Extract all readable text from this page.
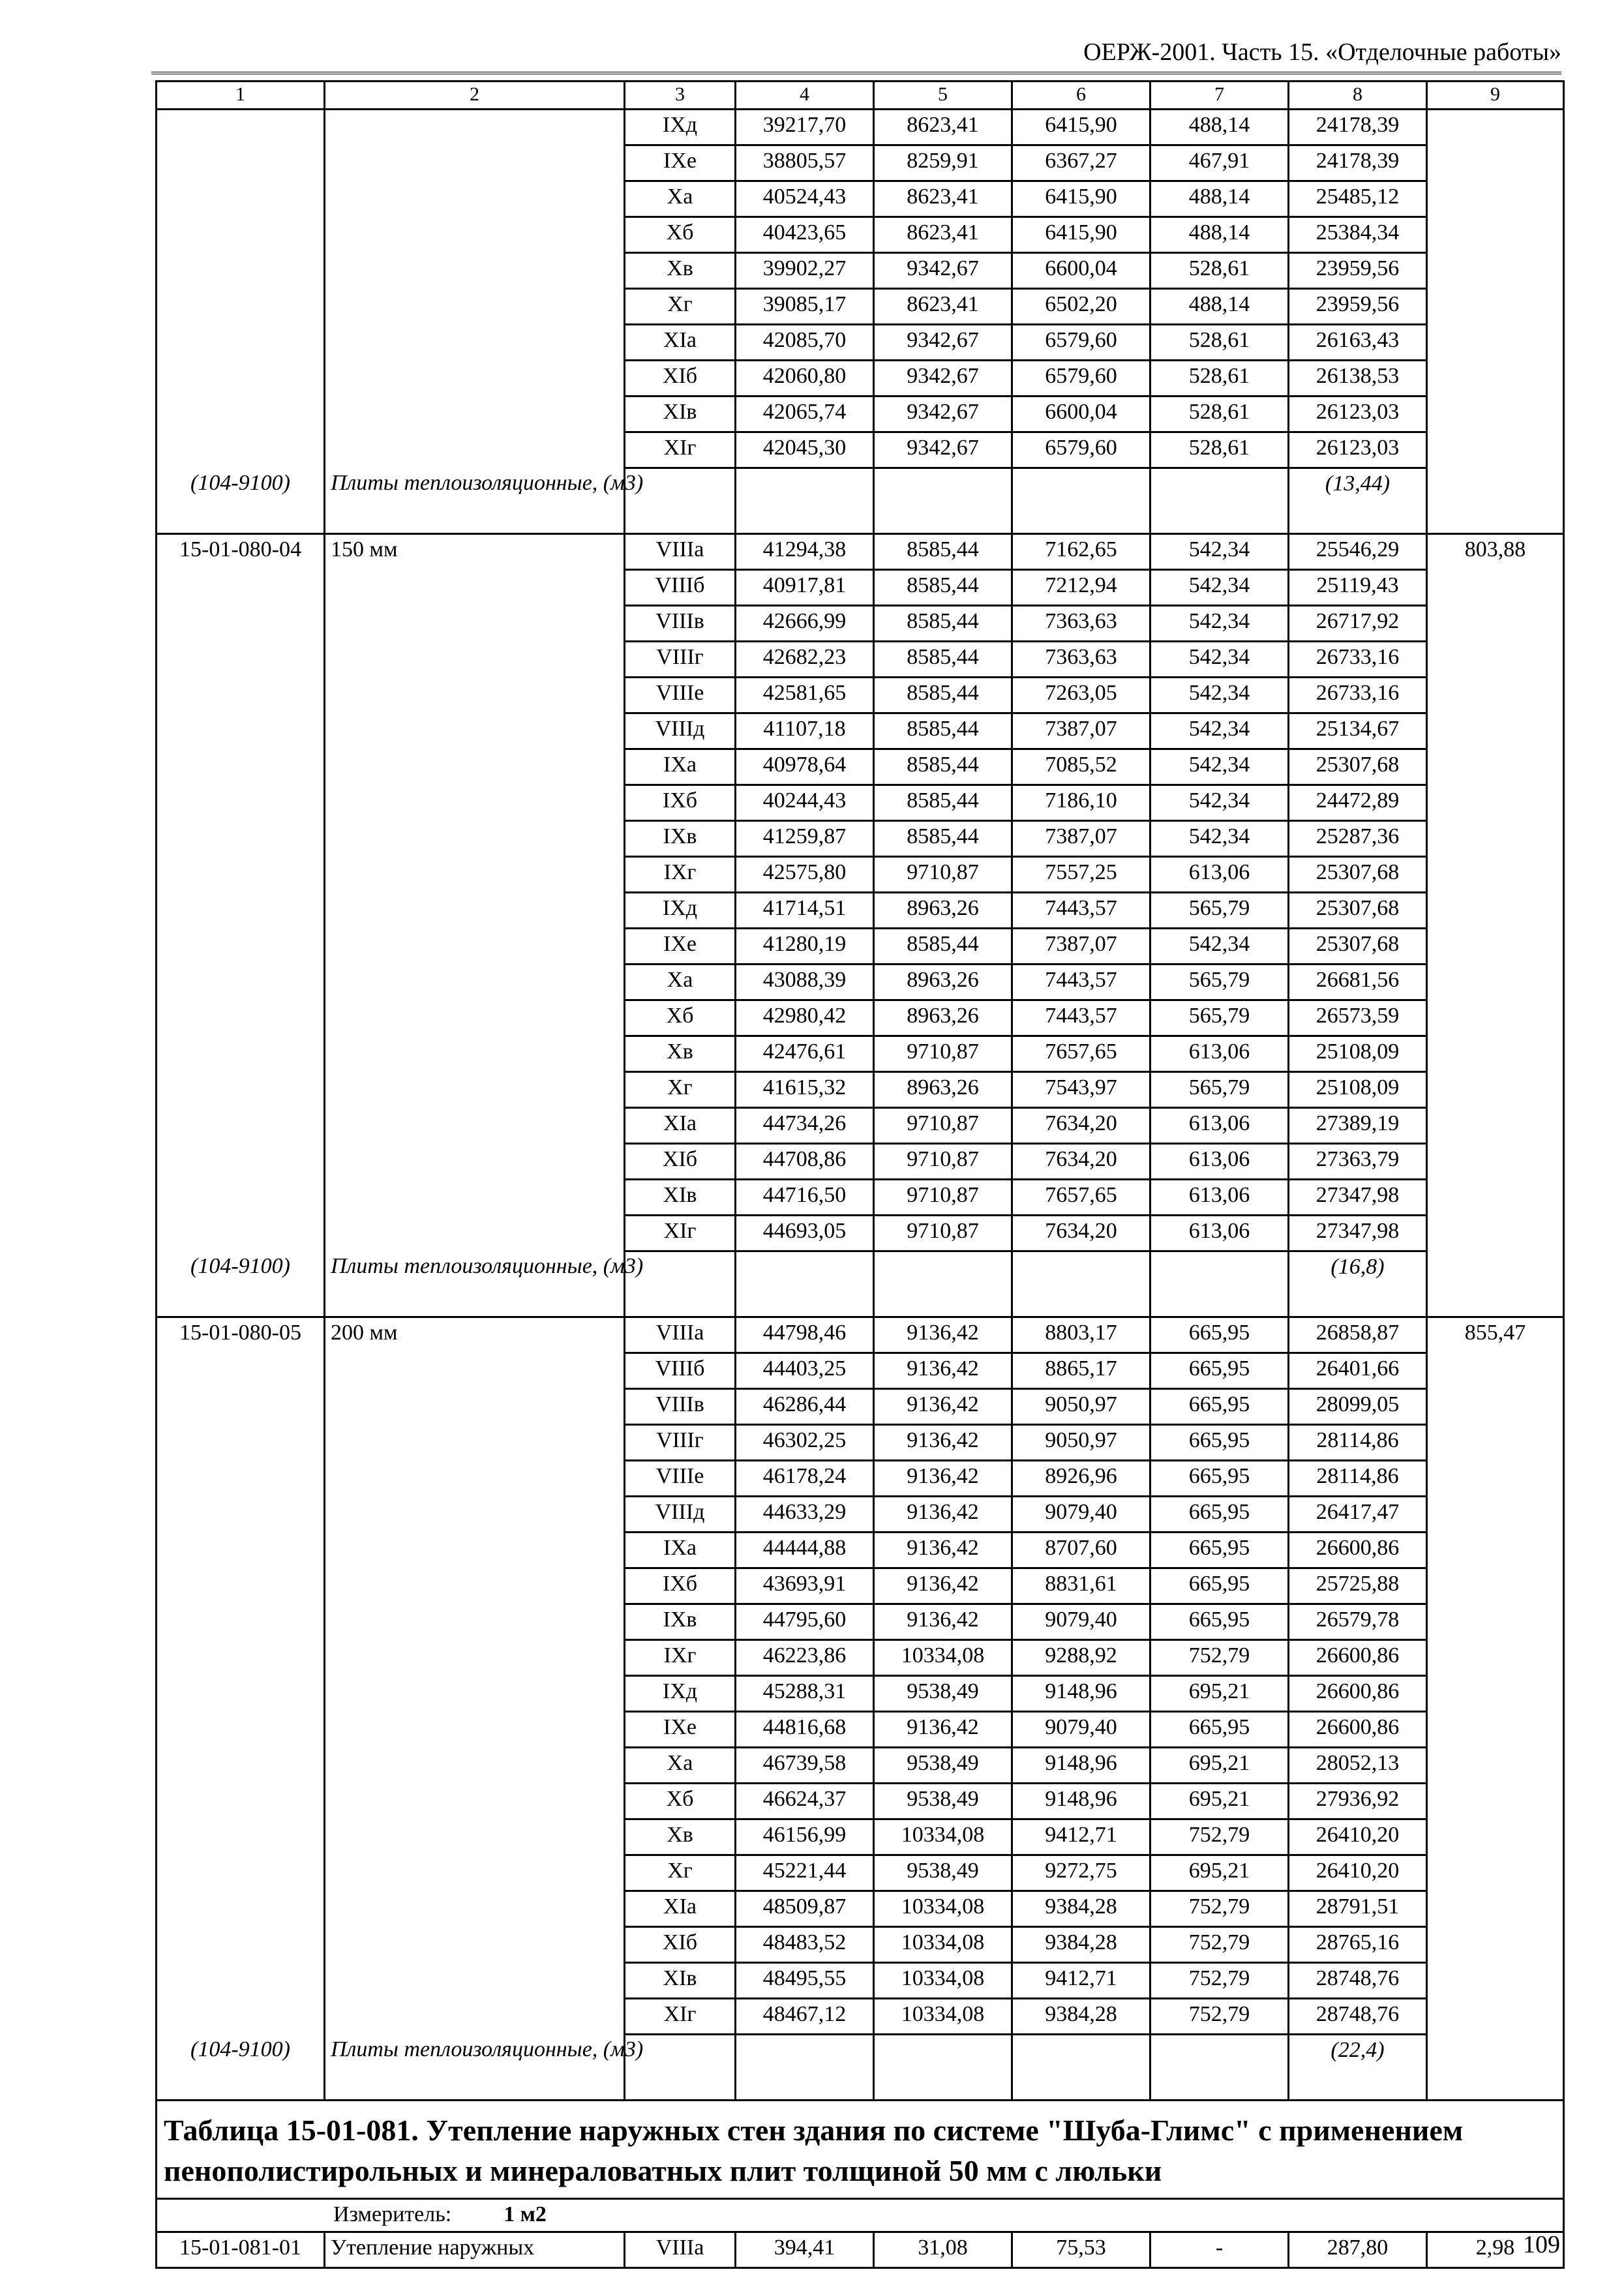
ОЕРЖ-2001. Часть 15. «Отделочные работы»
1	2	3	4	5	6	7	8	9
		IXд	39217,70	8623,41	6415,90	488,14	24178,39	
		IXе	38805,57	8259,91	6367,27	467,91	24178,39	
		Xа	40524,43	8623,41	6415,90	488,14	25485,12	
		Xб	40423,65	8623,41	6415,90	488,14	25384,34	
		Xв	39902,27	9342,67	6600,04	528,61	23959,56	
		Xг	39085,17	8623,41	6502,20	488,14	23959,56	
		XIа	42085,70	9342,67	6579,60	528,61	26163,43	
		XIб	42060,80	9342,67	6579,60	528,61	26138,53	
		XIв	42065,74	9342,67	6600,04	528,61	26123,03	
		XIг	42045,30	9342,67	6579,60	528,61	26123,03	
(104-9100)	Плиты теплоизоляционные, (м3)						(13,44)	
15-01-080-04	150 мм	VIIIа	41294,38	8585,44	7162,65	542,34	25546,29	803,88
		VIIIб	40917,81	8585,44	7212,94	542,34	25119,43	
		VIIIв	42666,99	8585,44	7363,63	542,34	26717,92	
		VIIIг	42682,23	8585,44	7363,63	542,34	26733,16	
		VIIIе	42581,65	8585,44	7263,05	542,34	26733,16	
		VIIIд	41107,18	8585,44	7387,07	542,34	25134,67	
		IXа	40978,64	8585,44	7085,52	542,34	25307,68	
		IXб	40244,43	8585,44	7186,10	542,34	24472,89	
		IXв	41259,87	8585,44	7387,07	542,34	25287,36	
		IXг	42575,80	9710,87	7557,25	613,06	25307,68	
		IXд	41714,51	8963,26	7443,57	565,79	25307,68	
		IXе	41280,19	8585,44	7387,07	542,34	25307,68	
		Xа	43088,39	8963,26	7443,57	565,79	26681,56	
		Xб	42980,42	8963,26	7443,57	565,79	26573,59	
		Xв	42476,61	9710,87	7657,65	613,06	25108,09	
		Xг	41615,32	8963,26	7543,97	565,79	25108,09	
		XIа	44734,26	9710,87	7634,20	613,06	27389,19	
		XIб	44708,86	9710,87	7634,20	613,06	27363,79	
		XIв	44716,50	9710,87	7657,65	613,06	27347,98	
		XIг	44693,05	9710,87	7634,20	613,06	27347,98	
(104-9100)	Плиты теплоизоляционные, (м3)						(16,8)	
15-01-080-05	200 мм	VIIIа	44798,46	9136,42	8803,17	665,95	26858,87	855,47
		VIIIб	44403,25	9136,42	8865,17	665,95	26401,66	
		VIIIв	46286,44	9136,42	9050,97	665,95	28099,05	
		VIIIг	46302,25	9136,42	9050,97	665,95	28114,86	
		VIIIе	46178,24	9136,42	8926,96	665,95	28114,86	
		VIIIд	44633,29	9136,42	9079,40	665,95	26417,47	
		IXа	44444,88	9136,42	8707,60	665,95	26600,86	
		IXб	43693,91	9136,42	8831,61	665,95	25725,88	
		IXв	44795,60	9136,42	9079,40	665,95	26579,78	
		IXг	46223,86	10334,08	9288,92	752,79	26600,86	
		IXд	45288,31	9538,49	9148,96	695,21	26600,86	
		IXе	44816,68	9136,42	9079,40	665,95	26600,86	
		Xа	46739,58	9538,49	9148,96	695,21	28052,13	
		Xб	46624,37	9538,49	9148,96	695,21	27936,92	
		Xв	46156,99	10334,08	9412,71	752,79	26410,20	
		Xг	45221,44	9538,49	9272,75	695,21	26410,20	
		XIа	48509,87	10334,08	9384,28	752,79	28791,51	
		XIб	48483,52	10334,08	9384,28	752,79	28765,16	
		XIв	48495,55	10334,08	9412,71	752,79	28748,76	
		XIг	48467,12	10334,08	9384,28	752,79	28748,76	
(104-9100)	Плиты теплоизоляционные, (м3)						(22,4)	
Таблица 15-01-081. Утепление наружных стен здания по системе "Шуба-Глимс" с применением пенополистирольных и минераловатных плит толщиной 50 мм с люльки								

Измеритель: 1 м2								

15-01-081-01	Утепление наружных	VIIIа	394,41	31,08	75,53	-	287,80	2,98 109
